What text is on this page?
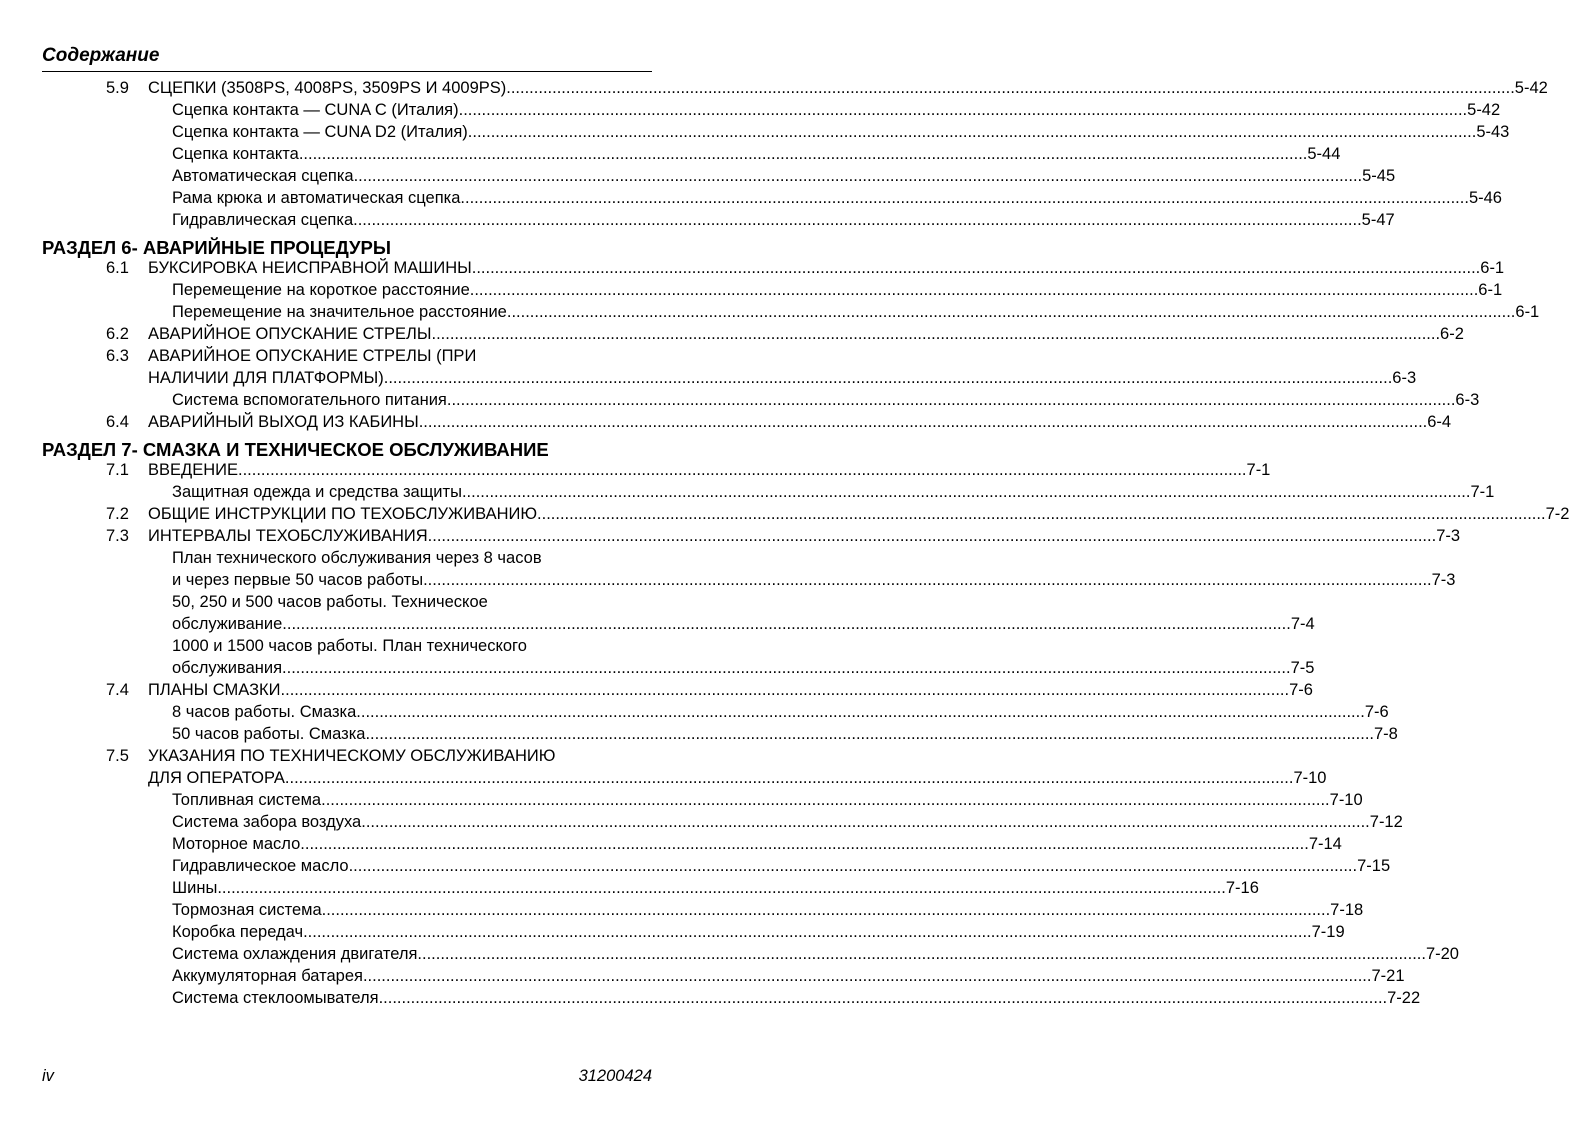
Содержание
5.9 СЦЕПКИ (3508PS, 4008PS, 3509PS И 4009PS) ............................................................................................................................................................................................................................ 5-42
Сцепка контакта — CUNA C (Италия) ............................................................................................................................................................................................................................ 5-42
Сцепка контакта — CUNA D2 (Италия) ............................................................................................................................................................................................................................ 5-43
Сцепка контакта ............................................................................................................................................................................................................................ 5-44
Автоматическая сцепка ............................................................................................................................................................................................................................ 5-45
Рама крюка и автоматическая сцепка ............................................................................................................................................................................................................................ 5-46
Гидравлическая сцепка ............................................................................................................................................................................................................................ 5-47
РАЗДЕЛ 6- АВАРИЙНЫЕ ПРОЦЕДУРЫ
6.1 БУКСИРОВКА НЕИСПРАВНОЙ МАШИНЫ ............................................................................................................................................................................................................................ 6-1
Перемещение на короткое расстояние ............................................................................................................................................................................................................................ 6-1
Перемещение на значительное расстояние ............................................................................................................................................................................................................................ 6-1
6.2 АВАРИЙНОЕ ОПУСКАНИЕ СТРЕЛЫ ............................................................................................................................................................................................................................ 6-2
6.3 АВАРИЙНОЕ ОПУСКАНИЕ СТРЕЛЫ (ПРИ
НАЛИЧИИ ДЛЯ ПЛАТФОРМЫ) ............................................................................................................................................................................................................................ 6-3
Система вспомогательного питания ............................................................................................................................................................................................................................ 6-3
6.4 АВАРИЙНЫЙ ВЫХОД ИЗ КАБИНЫ ............................................................................................................................................................................................................................ 6-4
РАЗДЕЛ 7- СМАЗКА И ТЕХНИЧЕСКОЕ ОБСЛУЖИВАНИЕ
7.1 ВВЕДЕНИЕ ............................................................................................................................................................................................................................ 7-1
Защитная одежда и средства защиты ............................................................................................................................................................................................................................ 7-1
7.2 ОБЩИЕ ИНСТРУКЦИИ ПО ТЕХОБСЛУЖИВАНИЮ ............................................................................................................................................................................................................................ 7-2
7.3 ИНТЕРВАЛЫ ТЕХОБСЛУЖИВАНИЯ ............................................................................................................................................................................................................................ 7-3
План технического обслуживания через 8 часов
и через первые 50 часов работы ............................................................................................................................................................................................................................ 7-3
50, 250 и 500 часов работы. Техническое
обслуживание ............................................................................................................................................................................................................................ 7-4
1000 и 1500 часов работы. План технического
обслуживания ............................................................................................................................................................................................................................ 7-5
7.4 ПЛАНЫ СМАЗКИ ............................................................................................................................................................................................................................ 7-6
8 часов работы. Смазка ............................................................................................................................................................................................................................ 7-6
50 часов работы. Смазка ............................................................................................................................................................................................................................ 7-8
7.5 УКАЗАНИЯ ПО ТЕХНИЧЕСКОМУ ОБСЛУЖИВАНИЮ
ДЛЯ ОПЕРАТОРА ............................................................................................................................................................................................................................ 7-10
Топливная система ............................................................................................................................................................................................................................ 7-10
Система забора воздуха ............................................................................................................................................................................................................................ 7-12
Моторное масло ............................................................................................................................................................................................................................ 7-14
Гидравлическое масло ............................................................................................................................................................................................................................ 7-15
Шины ............................................................................................................................................................................................................................ 7-16
Тормозная система ............................................................................................................................................................................................................................ 7-18
Коробка передач ............................................................................................................................................................................................................................ 7-19
Система охлаждения двигателя ............................................................................................................................................................................................................................ 7-20
Аккумуляторная батарея ............................................................................................................................................................................................................................ 7-21
Система стеклоомывателя ............................................................................................................................................................................................................................ 7-22
iv	31200424
